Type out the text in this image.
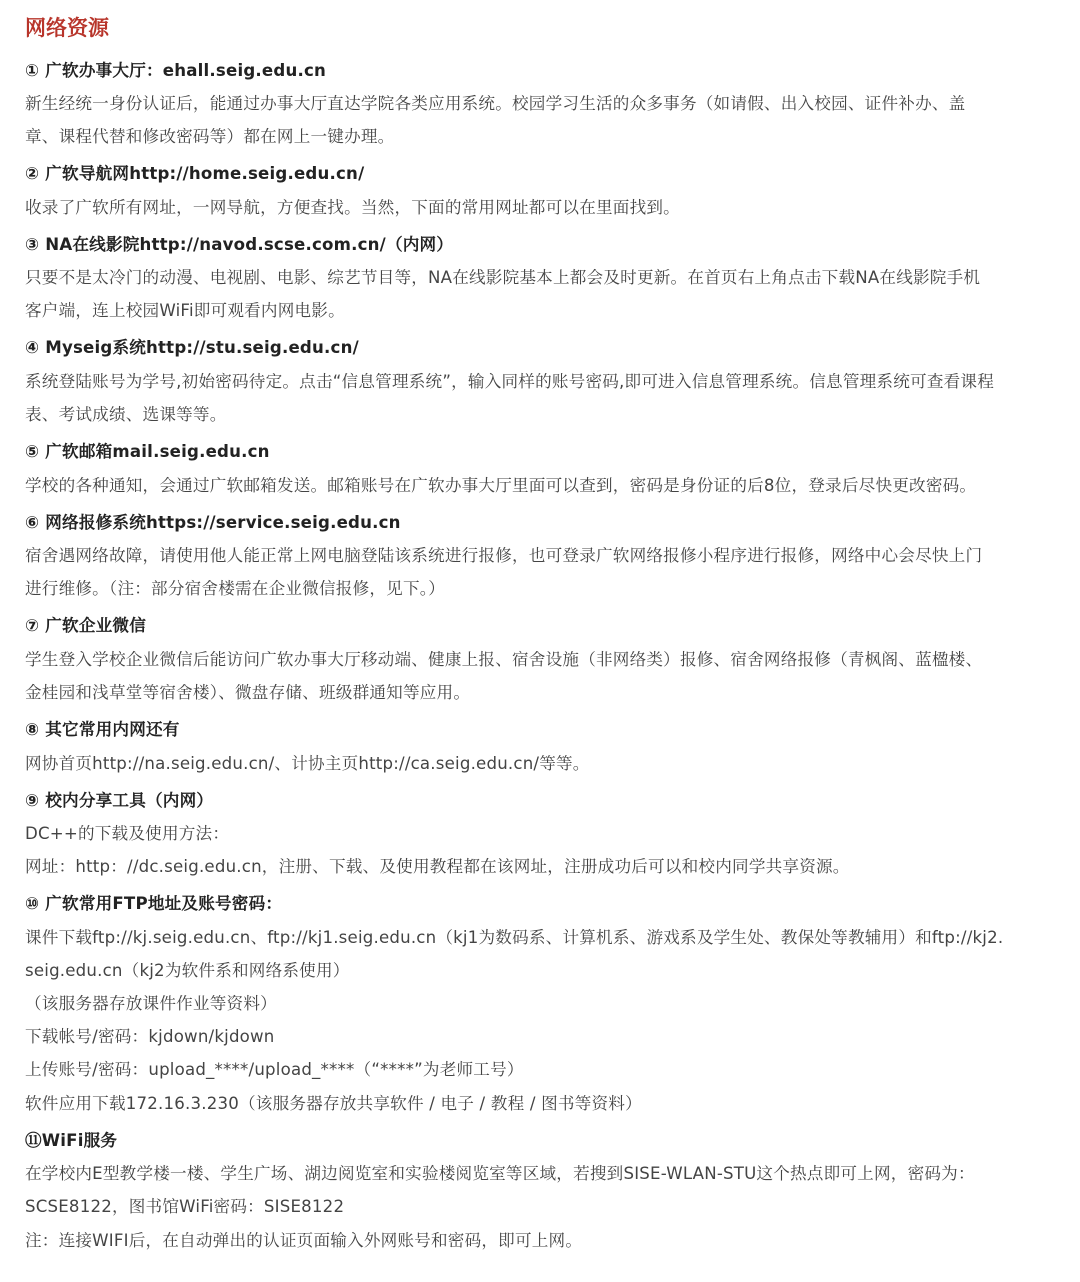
网络资源
① 广软办事大厅：ehall.seig.edu.cn
新生经统一身份认证后，能通过办事大厅直达学院各类应用系统。校园学习生活的众多事务（如请假、出入校园、证件补办、盖
章、课程代替和修改密码等）都在网上一键办理。
② 广软导航网http://home.seig.edu.cn/
收录了广软所有网址，一网导航，方便查找。当然，下面的常用网址都可以在里面找到。
③ NA在线影院http://navod.scse.com.cn/（内网）
只要不是太冷门的动漫、电视剧、电影、综艺节目等，NA在线影院基本上都会及时更新。在首页右上角点击下载NA在线影院手机
客户端，连上校园WiFi即可观看内网电影。
④ Myseig系统http://stu.seig.edu.cn/
系统登陆账号为学号,初始密码待定。点击“信息管理系统”，输入同样的账号密码,即可进入信息管理系统。信息管理系统可查看课程
表、考试成绩、选课等等。
⑤ 广软邮箱mail.seig.edu.cn
学校的各种通知，会通过广软邮箱发送。邮箱账号在广软办事大厅里面可以查到，密码是身份证的后8位，登录后尽快更改密码。
⑥ 网络报修系统https://service.seig.edu.cn
宿舍遇网络故障，请使用他人能正常上网电脑登陆该系统进行报修，也可登录广软网络报修小程序进行报修，网络中心会尽快上门
进行维修。（注：部分宿舍楼需在企业微信报修，见下。）
⑦ 广软企业微信
学生登入学校企业微信后能访问广软办事大厅移动端、健康上报、宿舍设施（非网络类）报修、宿舍网络报修（青枫阁、蓝楹楼、
金桂园和浅草堂等宿舍楼）、微盘存储、班级群通知等应用。
⑧ 其它常用内网还有
网协首页http://na.seig.edu.cn/、计协主页http://ca.seig.edu.cn/等等。
⑨ 校内分享工具（内网）
DC++的下载及使用方法：
网址：http：//dc.seig.edu.cn，注册、下载、及使用教程都在该网址，注册成功后可以和校内同学共享资源。
⑩ 广软常用FTP地址及账号密码：
课件下载ftp://kj.seig.edu.cn、ftp://kj1.seig.edu.cn（kj1为数码系、计算机系、游戏系及学生处、教保处等教辅用）和ftp://kj2.
seig.edu.cn（kj2为软件系和网络系使用）
（该服务器存放课件作业等资料）
下载帐号/密码：kjdown/kjdown
上传账号/密码：upload_****/upload_****（“****”为老师工号）
软件应用下载172.16.3.230（该服务器存放共享软件 / 电子 / 教程 / 图书等资料）
⑪WiFi服务
在学校内E型教学楼一楼、学生广场、湖边阅览室和实验楼阅览室等区域，若搜到SISE-WLAN-STU这个热点即可上网，密码为：
SCSE8122，图书馆WiFi密码：SISE8122
注：连接WIFI后，在自动弹出的认证页面输入外网账号和密码，即可上网。
